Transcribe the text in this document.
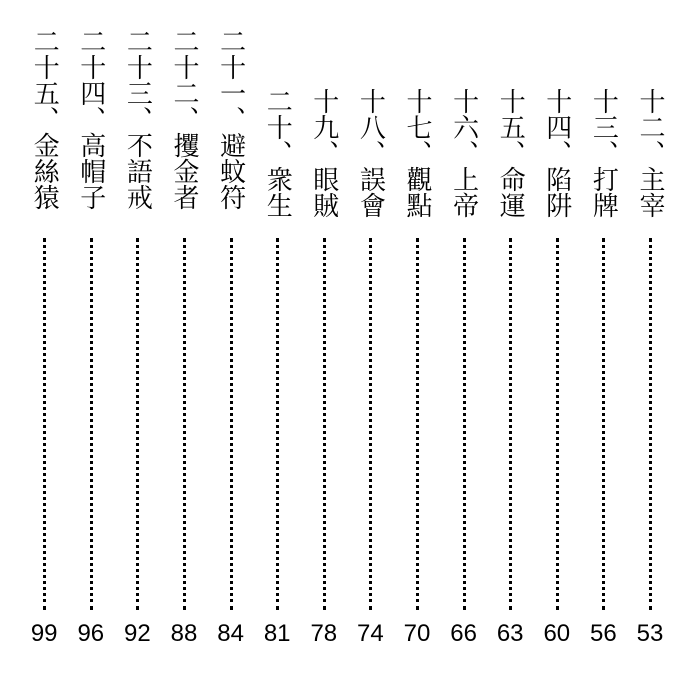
十二、主宰
53
十三、打牌
56
十四、陷阱
60
十五、命運
63
十六、上帝
66
十七、觀點
70
十八、誤會
74
十九、眼賊
78
二十、衆生
81
二十一、避蚊符
84
二十二、攫金者
88
二十三、不語戒
92
二十四、高帽子
96
二十五、金絲猿
99
